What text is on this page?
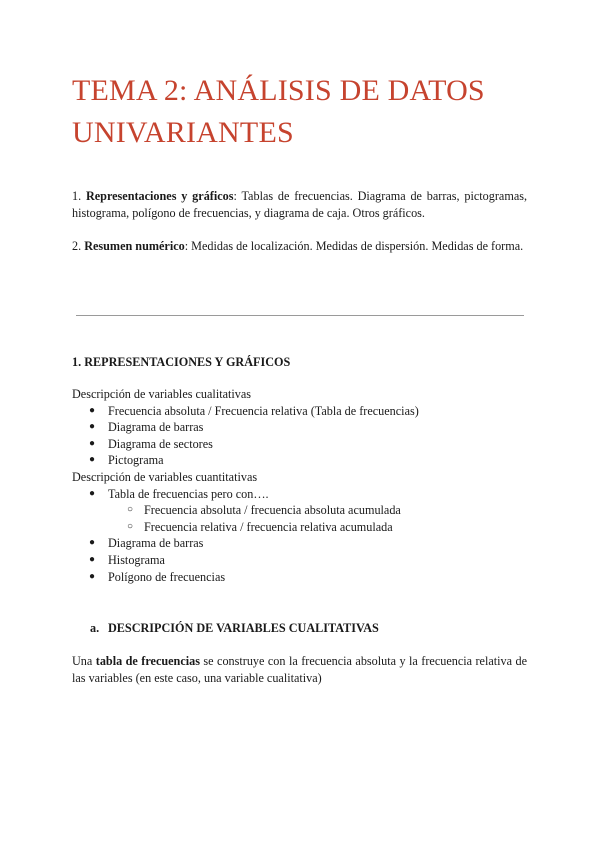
TEMA 2: ANÁLISIS DE DATOS UNIVARIANTES

1. Representaciones y gráficos: Tablas de frecuencias. Diagrama de barras, pictogramas, histograma, polígono de frecuencias, y diagrama de caja. Otros gráficos.

2. Resumen numérico: Medidas de localización. Medidas de dispersión. Medidas de forma.

1. REPRESENTACIONES Y GRÁFICOS

Descripción de variables cualitativas

● Frecuencia absoluta / Frecuencia relativa (Tabla de frecuencias)
● Diagrama de barras
● Diagrama de sectores
● Pictograma

Descripción de variables cuantitativas

● Tabla de frecuencias pero con….
○ Frecuencia absoluta / frecuencia absoluta acumulada
○ Frecuencia relativa / frecuencia relativa acumulada
● Diagrama de barras
● Histograma
● Polígono de frecuencias
a. DESCRIPCIÓN DE VARIABLES CUALITATIVAS

Una tabla de frecuencias se construye con la frecuencia absoluta y la frecuencia relativa de las variables (en este caso, una variable cualitativa)
